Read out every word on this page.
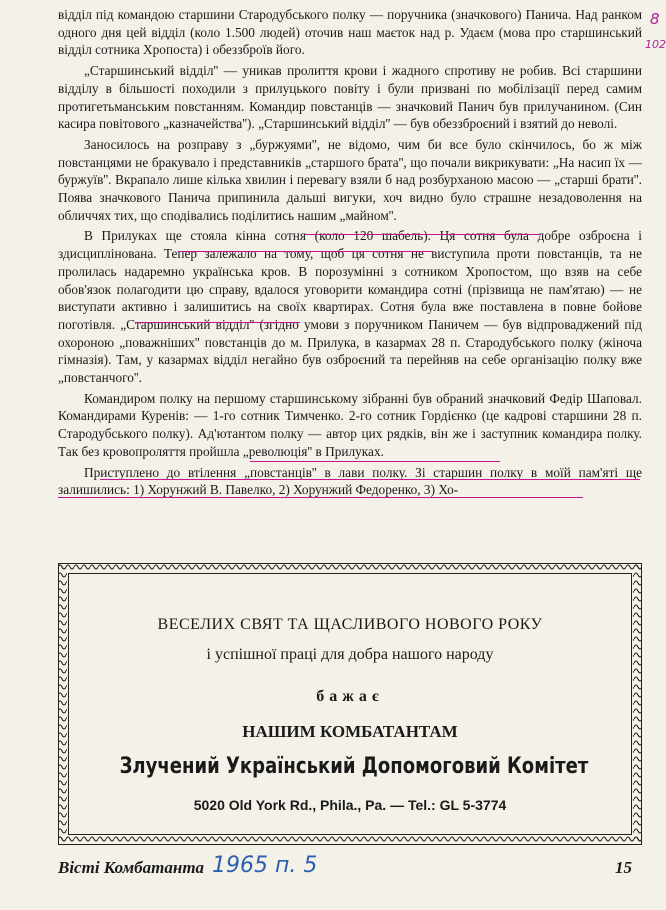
8
102

відділ під командою старшини Стародубського полку — поручника (значкового) Панича. Над ранком одного дня цей відділ (коло 1.500 людей) оточив наш маєток над р. Удаєм (мова про старшинський відділ сотника Хропоста) і обеззброїв його.

„Старшинський відділ'' — уникав пролиття крови і жадного спротиву не робив. Всі старшини відділу в більшості походили з прилуцького повіту і були призвані по мобілізації перед самим протигетьманським повстанням. Командир повстанців — значковий Панич був прилучанином. (Син касира повітового „казначейства''). „Старшинський відділ'' — був обеззброєний і взятий до неволі.

Заносилось на розправу з „буржуями'', не відомо, чим би все було скінчилось, бо ж між повстанцями не бракувало і представників „старшого брата'', що почали викрикувати: „На насип їх — буржуїв''. Вкрапало лише кілька хвилин і перевагу взяли б над розбурханою масою — „старші брати''. Поява значкового Панича припинила дальші вигуки, хоч видно було страшне незадоволення на обличчях тих, що сподівались поділитись нашим „майном''.

В Прилуках ще стояла кінна сотня (коло 120 шабель). Ця сотня була добре озброєна і здисциплінована. Тепер залежало на тому, щоб ця сотня не виступила проти повстанців, та не пролилась надаремно українська кров. В порозумінні з сотником Хропостом, що взяв на себе обов'язок полагодити цю справу, вдалося уговорити командира сотні (прізвища не пам'ятаю) — не виступати активно і залишитись на своїх квартирах. Сотня була вже поставлена в повне бойове поготівля. „Старшинський відділ'' (згідно умови з поручником Паничем — був відпроваджений під охороною „поважніших'' повстанців до м. Прилука, в казармах 28 п. Стародубського полку (жіноча гімназія). Там, у казармах відділ негайно був озброєний та перейняв на себе організацію полку вже „повстанчого''.

Командиром полку на першому старшинському зібранні був обраний значковий Федір Шаповал. Командирами Куренів: — 1-го сотник Тимченко. 2-го сотник Гордієнко (це кадрові старшини 28 п. Стародубського полку). Ад'ютантом полку — автор цих рядків, він же і заступник командира полку. Так без кровопроляття пройшла „революція'' в Прилуках.

Приступлено до втілення „повстанців'' в лави полку. Зі старшин полку в моїй пам'яті ще залишились: 1) Хорунжий В. Павелко, 2) Хорунжий Федоренко, 3) Хо-

ВЕСЕЛИХ СВЯТ ТА ЩАСЛИВОГО НОВОГО РОКУ
і успішної праці для добра нашого народу
бажає
НАШИМ КОМБАТАНТАМ
Злучений Український Допомоговий Комітет
5020 Old York Rd., Phila., Pa. — Tel.: GL 5-3774
Вісті Комбатанта 1965 п. 5	15
